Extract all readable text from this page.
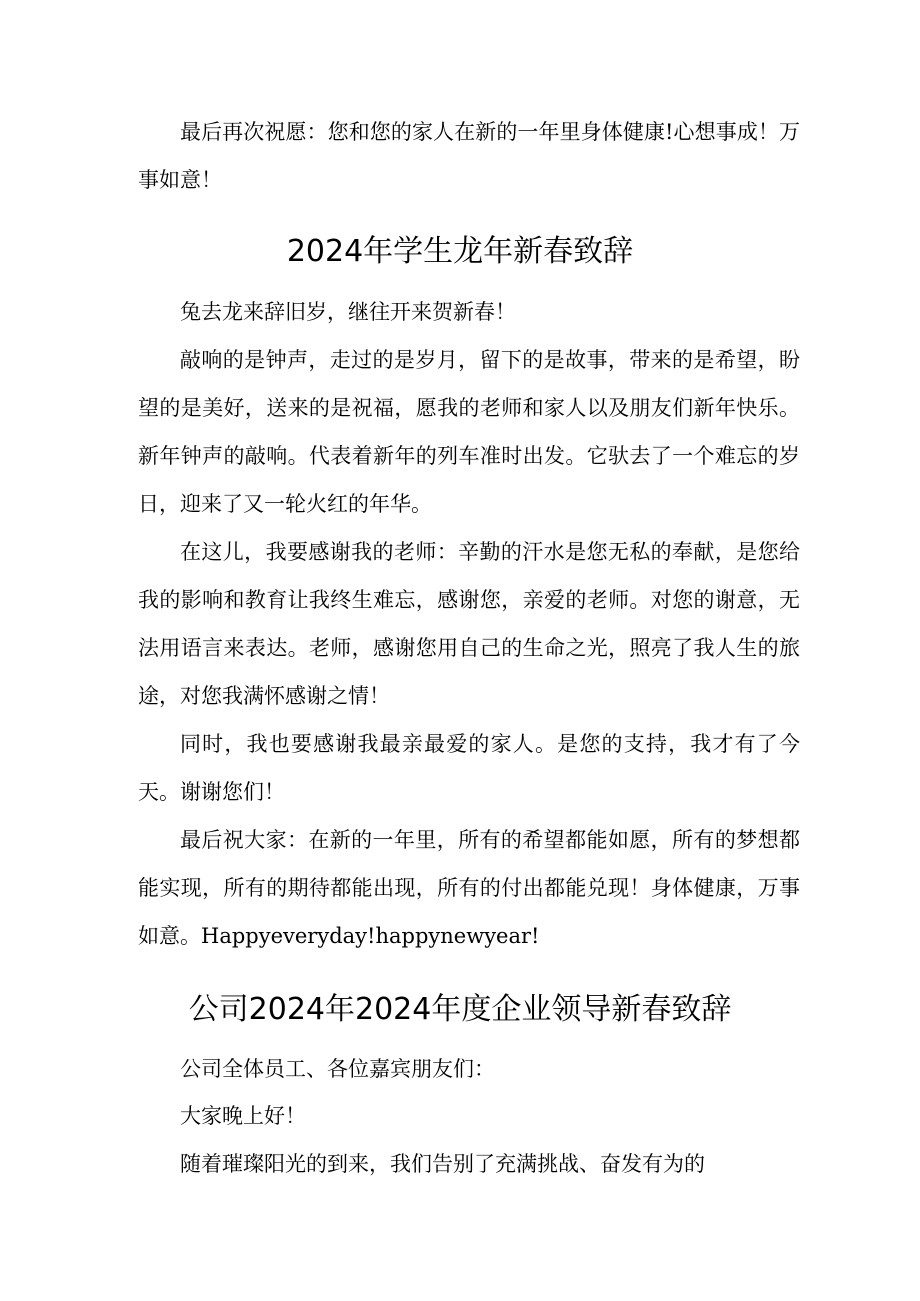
最后再次祝愿：您和您的家人在新的一年里身体健康!心想事成！万事如意！

2024年学生龙年新春致辞

兔去龙来辞旧岁，继往开来贺新春！

敲响的是钟声，走过的是岁月，留下的是故事，带来的是希望，盼望的是美好，送来的是祝福，愿我的老师和家人以及朋友们新年快乐。新年钟声的敲响。代表着新年的列车准时出发。它驮去了一个难忘的岁日，迎来了又一轮火红的年华。

在这儿，我要感谢我的老师：辛勤的汗水是您无私的奉献，是您给我的影响和教育让我终生难忘，感谢您，亲爱的老师。对您的谢意，无法用语言来表达。老师，感谢您用自己的生命之光，照亮了我人生的旅途，对您我满怀感谢之情！

同时，我也要感谢我最亲最爱的家人。是您的支持，我才有了今天。谢谢您们！

最后祝大家：在新的一年里，所有的希望都能如愿，所有的梦想都能实现，所有的期待都能出现，所有的付出都能兑现！身体健康，万事如意。Happyeveryday!happynewyear!

公司2024年2024年度企业领导新春致辞

公司全体员工、各位嘉宾朋友们：

大家晚上好！

随着璀璨阳光的到来，我们告别了充满挑战、奋发有为的
